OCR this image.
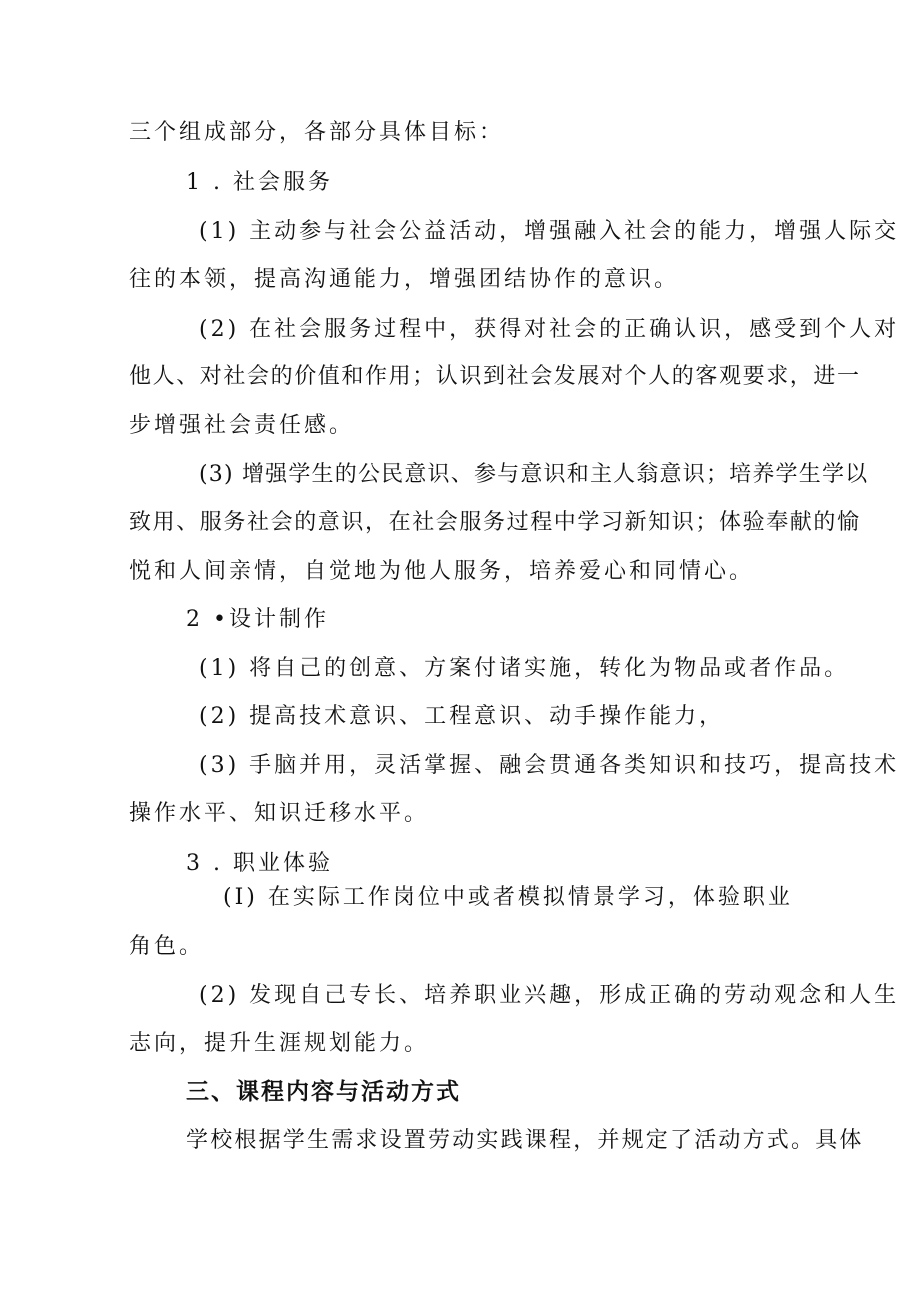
三个组成部分，各部分具体目标：
1 . 社会服务
(1) 主动参与社会公益活动，增强融入社会的能力，增强人际交
往的本领，提高沟通能力，增强团结协作的意识。
(2) 在社会服务过程中，获得对社会的正确认识，感受到个人对
他人、对社会的价值和作用；认识到社会发展对个人的客观要求，进一
步增强社会责任感。
(3) 增强学生的公民意识、参与意识和主人翁意识；培养学生学以
致用、服务社会的意识，在社会服务过程中学习新知识；体验奉献的愉
悦和人间亲情，自觉地为他人服务，培养爱心和同情心。
2 •设计制作
(1) 将自己的创意、方案付诸实施，转化为物品或者作品。
(2) 提高技术意识、工程意识、动手操作能力，
(3) 手脑并用，灵活掌握、融会贯通各类知识和技巧，提高技术
操作水平、知识迁移水平。
3 . 职业体验
(I) 在实际工作岗位中或者模拟情景学习，体验职业
角色。
(2) 发现自己专长、培养职业兴趣，形成正确的劳动观念和人生
志向，提升生涯规划能力。
三、课程内容与活动方式
学校根据学生需求设置劳动实践课程，并规定了活动方式。具体
